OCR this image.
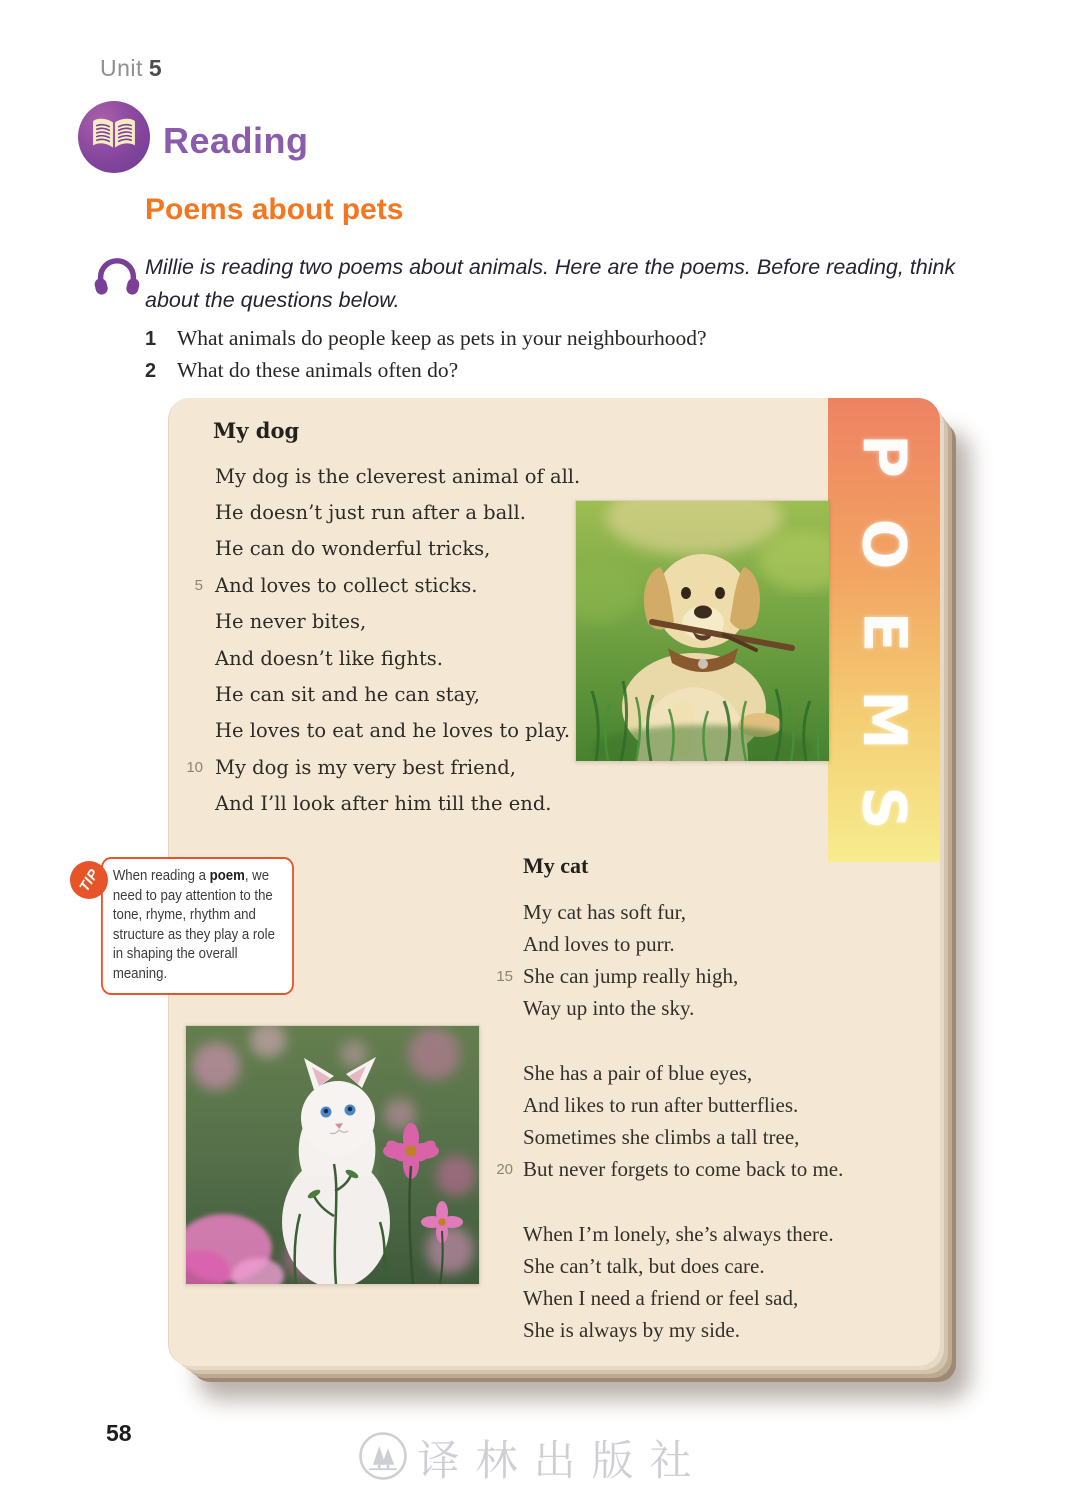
Unit 5
Reading
Poems about pets
Millie is reading two poems about animals. Here are the poems. Before reading, think about the questions below.
1 What animals do people keep as pets in your neighbourhood?
2 What do these animals often do?
P
O
E
M
S
My dog
My dog is the cleverest animal of all.
He doesn’t just run after a ball.
He can do wonderful tricks,
5 And loves to collect sticks.
He never bites,
And doesn’t like fights.
He can sit and he can stay,
He loves to eat and he loves to play.
10 My dog is my very best friend,
And I’ll look after him till the end.
TIP When reading a poem, we need to pay attention to the tone, rhyme, rhythm and structure as they play a role in shaping the overall meaning.
My cat
My cat has soft fur,
And loves to purr.
15 She can jump really high,
Way up into the sky.
She has a pair of blue eyes,
And likes to run after butterflies.
Sometimes she climbs a tall tree,
20 But never forgets to come back to me.
When I’m lonely, she’s always there.
She can’t talk, but does care.
When I need a friend or feel sad,
She is always by my side.
58
译林出版社
